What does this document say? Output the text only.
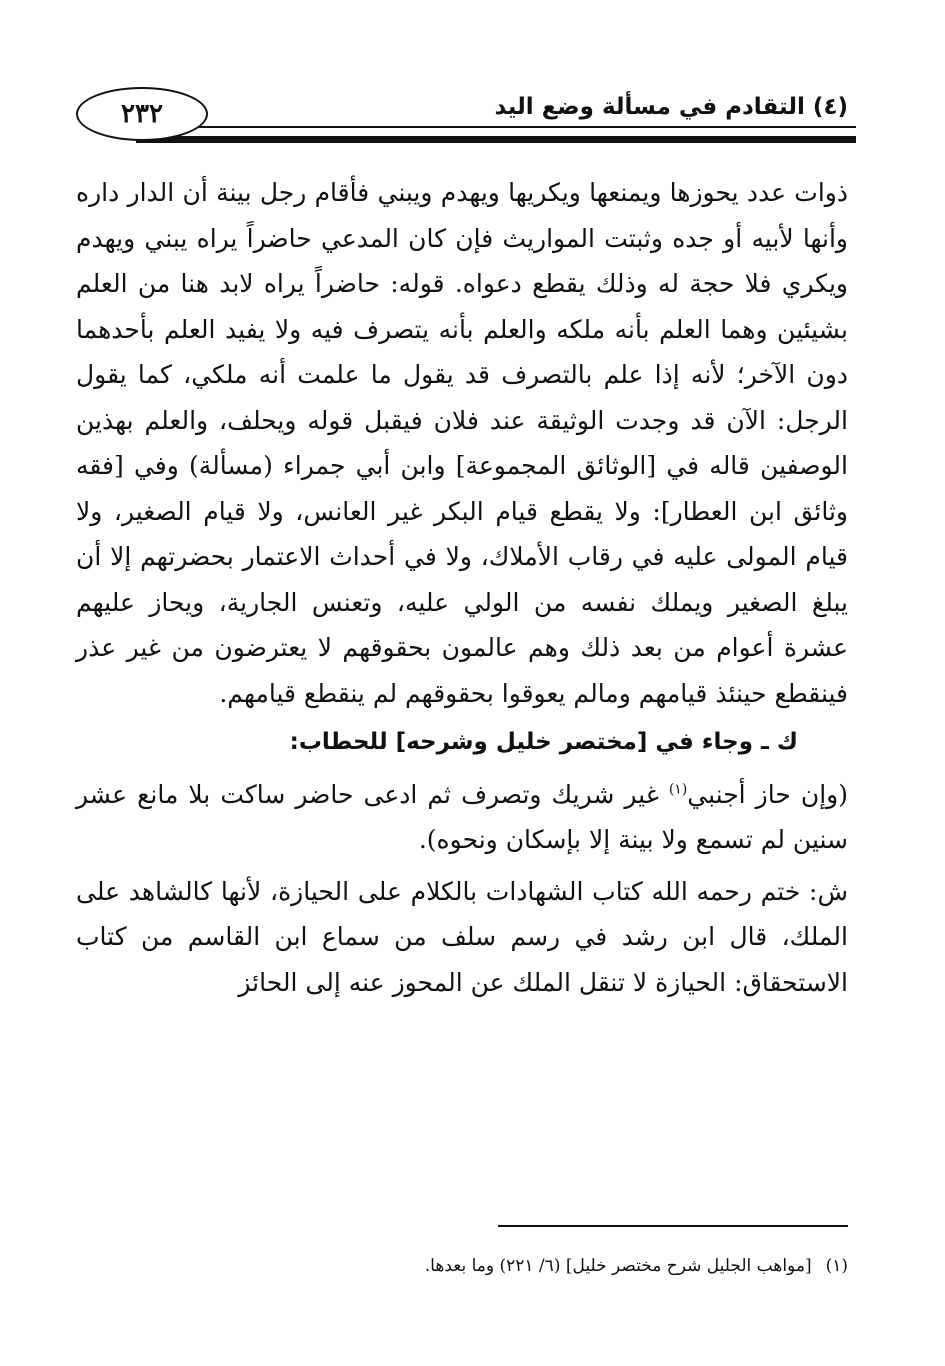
٢٣٢	(٤) التقادم في مسألة وضع اليد

ذوات عدد يحوزها ويمنعها ويكريها ويهدم ويبني فأقام رجل بينة أن الدار داره وأنها لأبيه أو جده وثبتت المواريث فإن كان المدعي حاضراً يراه يبني ويهدم ويكري فلا حجة له وذلك يقطع دعواه. قوله: حاضراً يراه لابد هنا من العلم بشيئين وهما العلم بأنه ملكه والعلم بأنه يتصرف فيه ولا يفيد العلم بأحدهما دون الآخر؛ لأنه إذا علم بالتصرف قد يقول ما علمت أنه ملكي، كما يقول الرجل: الآن قد وجدت الوثيقة عند فلان فيقبل قوله ويحلف، والعلم بهذين الوصفين قاله في [الوثائق المجموعة] وابن أبي جمراء (مسألة) وفي [فقه وثائق ابن العطار]: ولا يقطع قيام البكر غير العانس، ولا قيام الصغير، ولا قيام المولى عليه في رقاب الأملاك، ولا في أحداث الاعتمار بحضرتهم إلا أن يبلغ الصغير ويملك نفسه من الولي عليه، وتعنس الجارية، ويحاز عليهم عشرة أعوام من بعد ذلك وهم عالمون بحقوقهم لا يعترضون من غير عذر فينقطع حينئذ قيامهم ومالم يعوقوا بحقوقهم لم ينقطع قيامهم.

ك ـ وجاء في [مختصر خليل وشرحه] للحطاب:

(وإن حاز أجنبي$^{(١)}$ غير شريك وتصرف ثم ادعى حاضر ساكت بلا مانع عشر سنين لم تسمع ولا بينة إلا بإسكان ونحوه).

ش: ختم رحمه الله كتاب الشهادات بالكلام على الحيازة، لأنها كالشاهد على الملك، قال ابن رشد في رسم سلف من سماع ابن القاسم من كتاب الاستحقاق: الحيازة لا تنقل الملك عن المحوز عنه إلى الحائز

(١)[مواهب الجليل شرح مختصر خليل] (٦/ ٢٢١) وما بعدها.
